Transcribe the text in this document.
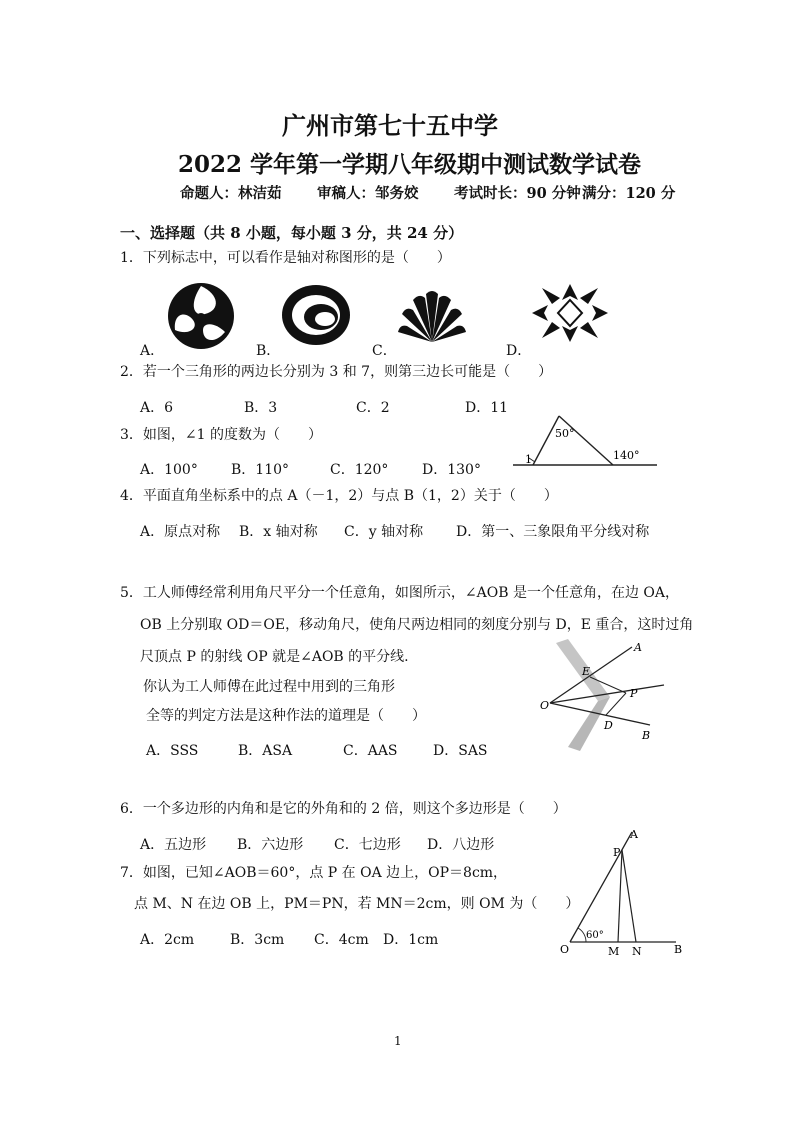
广州市第七十五中学
2022 学年第一学期八年级期中测试数学试卷
命题人：林洁茹 审稿人：邹务姣 考试时长：90 分钟 满分：120 分
一、选择题（共 8 小题，每小题 3 分，共 24 分）
1．下列标志中，可以看作是轴对称图形的是（　　）
A．	B．	C．	D．
2．若一个三角形的两边长分别为 3 和 7，则第三边长可能是（　　）
A．6	B．3	C．2	D．11
3．如图，∠1 的度数为（　　）
A．100° B．110°	C．120° D．130°
1
50°
140°
4．平面直角坐标系中的点 A（－1，2）与点 B（1，2）关于（　　）
A．原点对称 B．x 轴对称 C．y 轴对称 D．第一、三象限角平分线对称
5．工人师傅经常利用角尺平分一个任意角，如图所示，∠AOB 是一个任意角，在边 OA，
OB 上分别取 OD＝OE，移动角尺，使角尺两边相同的刻度分别与 D，E 重合，这时过角
尺顶点 P 的射线 OP 就是∠AOB 的平分线.
你认为工人师傅在此过程中用到的三角形
全等的判定方法是这种作法的道理是（　　）
A．SSS	B．ASA	C．AAS	D．SAS
A
E
P
O
D
B
6．一个多边形的内角和是它的外角和的 2 倍，则这个多边形是（　　）
A．五边形 B．六边形 C．七边形 D．八边形
7．如图，已知∠AOB＝60°，点 P 在 OA 边上，OP＝8cm，
点 M、N 在边 OB 上，PM＝PN，若 MN＝2cm，则 OM 为（　　）
A．2cm	B．3cm C．4cm D．1cm
A
P
O
60°
M N	B
1
